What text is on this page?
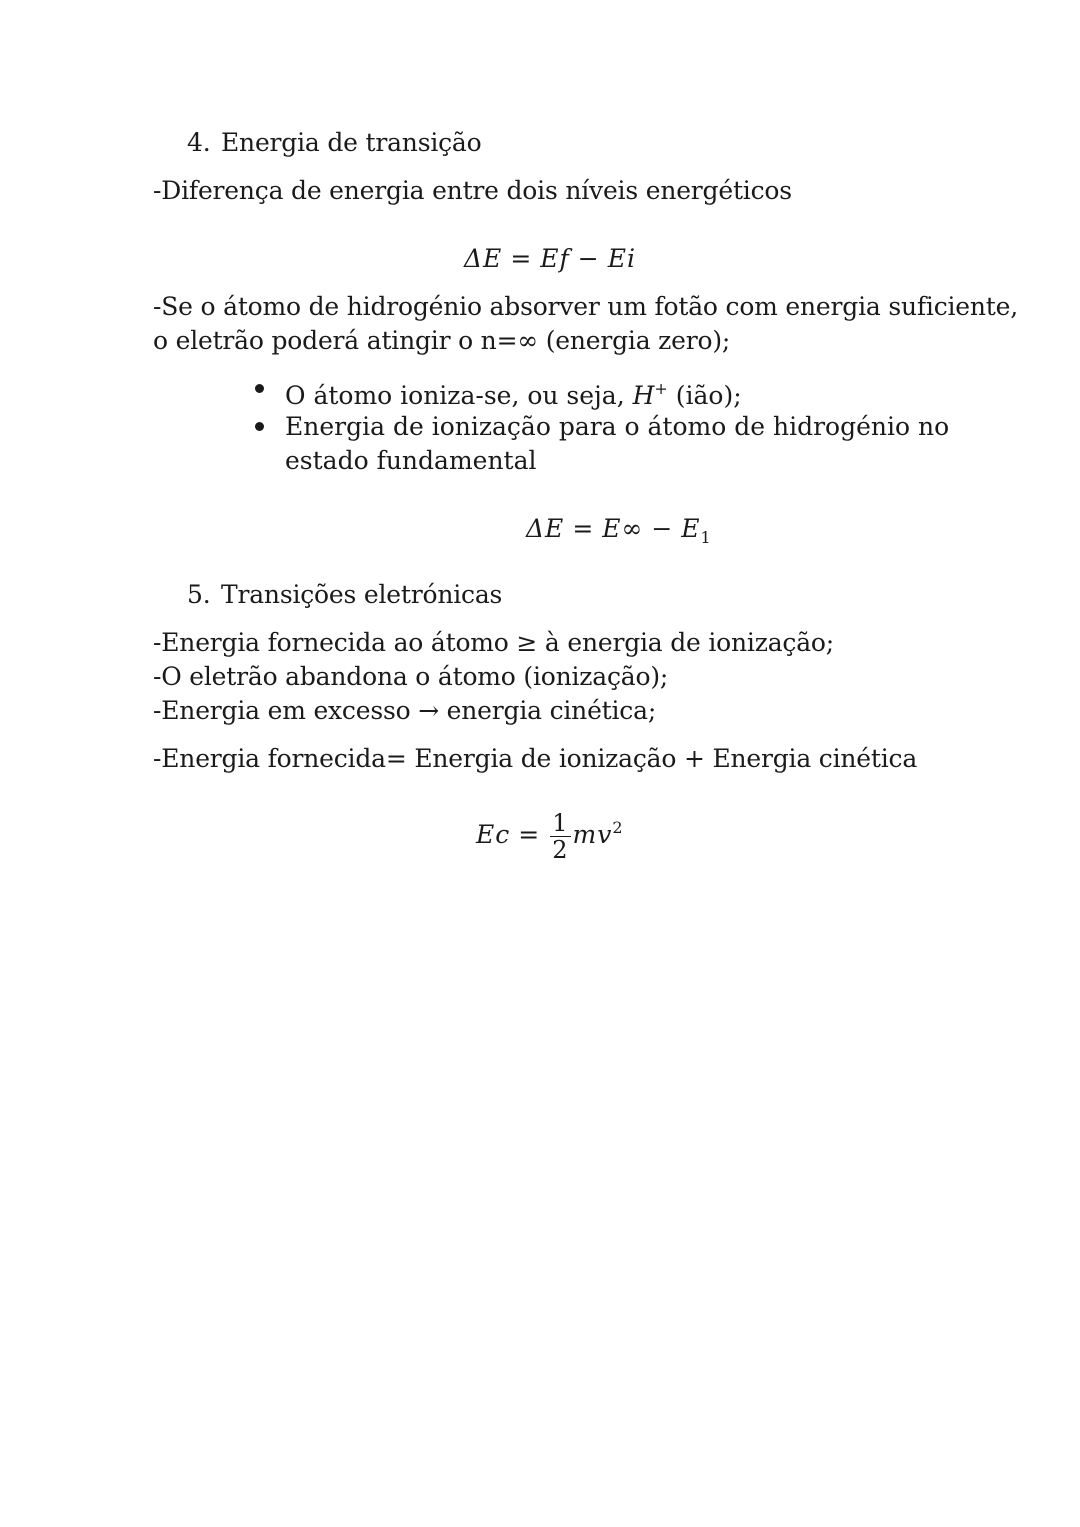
4. Energia de transição
-Diferença de energia entre dois níveis energéticos
ΔE = Ef − Ei
-Se o átomo de hidrogénio absorver um fotão com energia suficiente,
o eletrão poderá atingir o n=∞ (energia zero);
O átomo ioniza-se, ou seja, H+ (ião);
Energia de ionização para o átomo de hidrogénio no
estado fundamental
$\Delta E = E\infty - E_1$
5. Transições eletrónicas
-Energia fornecida ao átomo ≥ à energia de ionização;
-O eletrão abandona o átomo (ionização);
-Energia em excesso → energia cinética;
-Energia fornecida= Energia de ionização + Energia cinética
$Ec = \frac{1}{2} mv^2$
